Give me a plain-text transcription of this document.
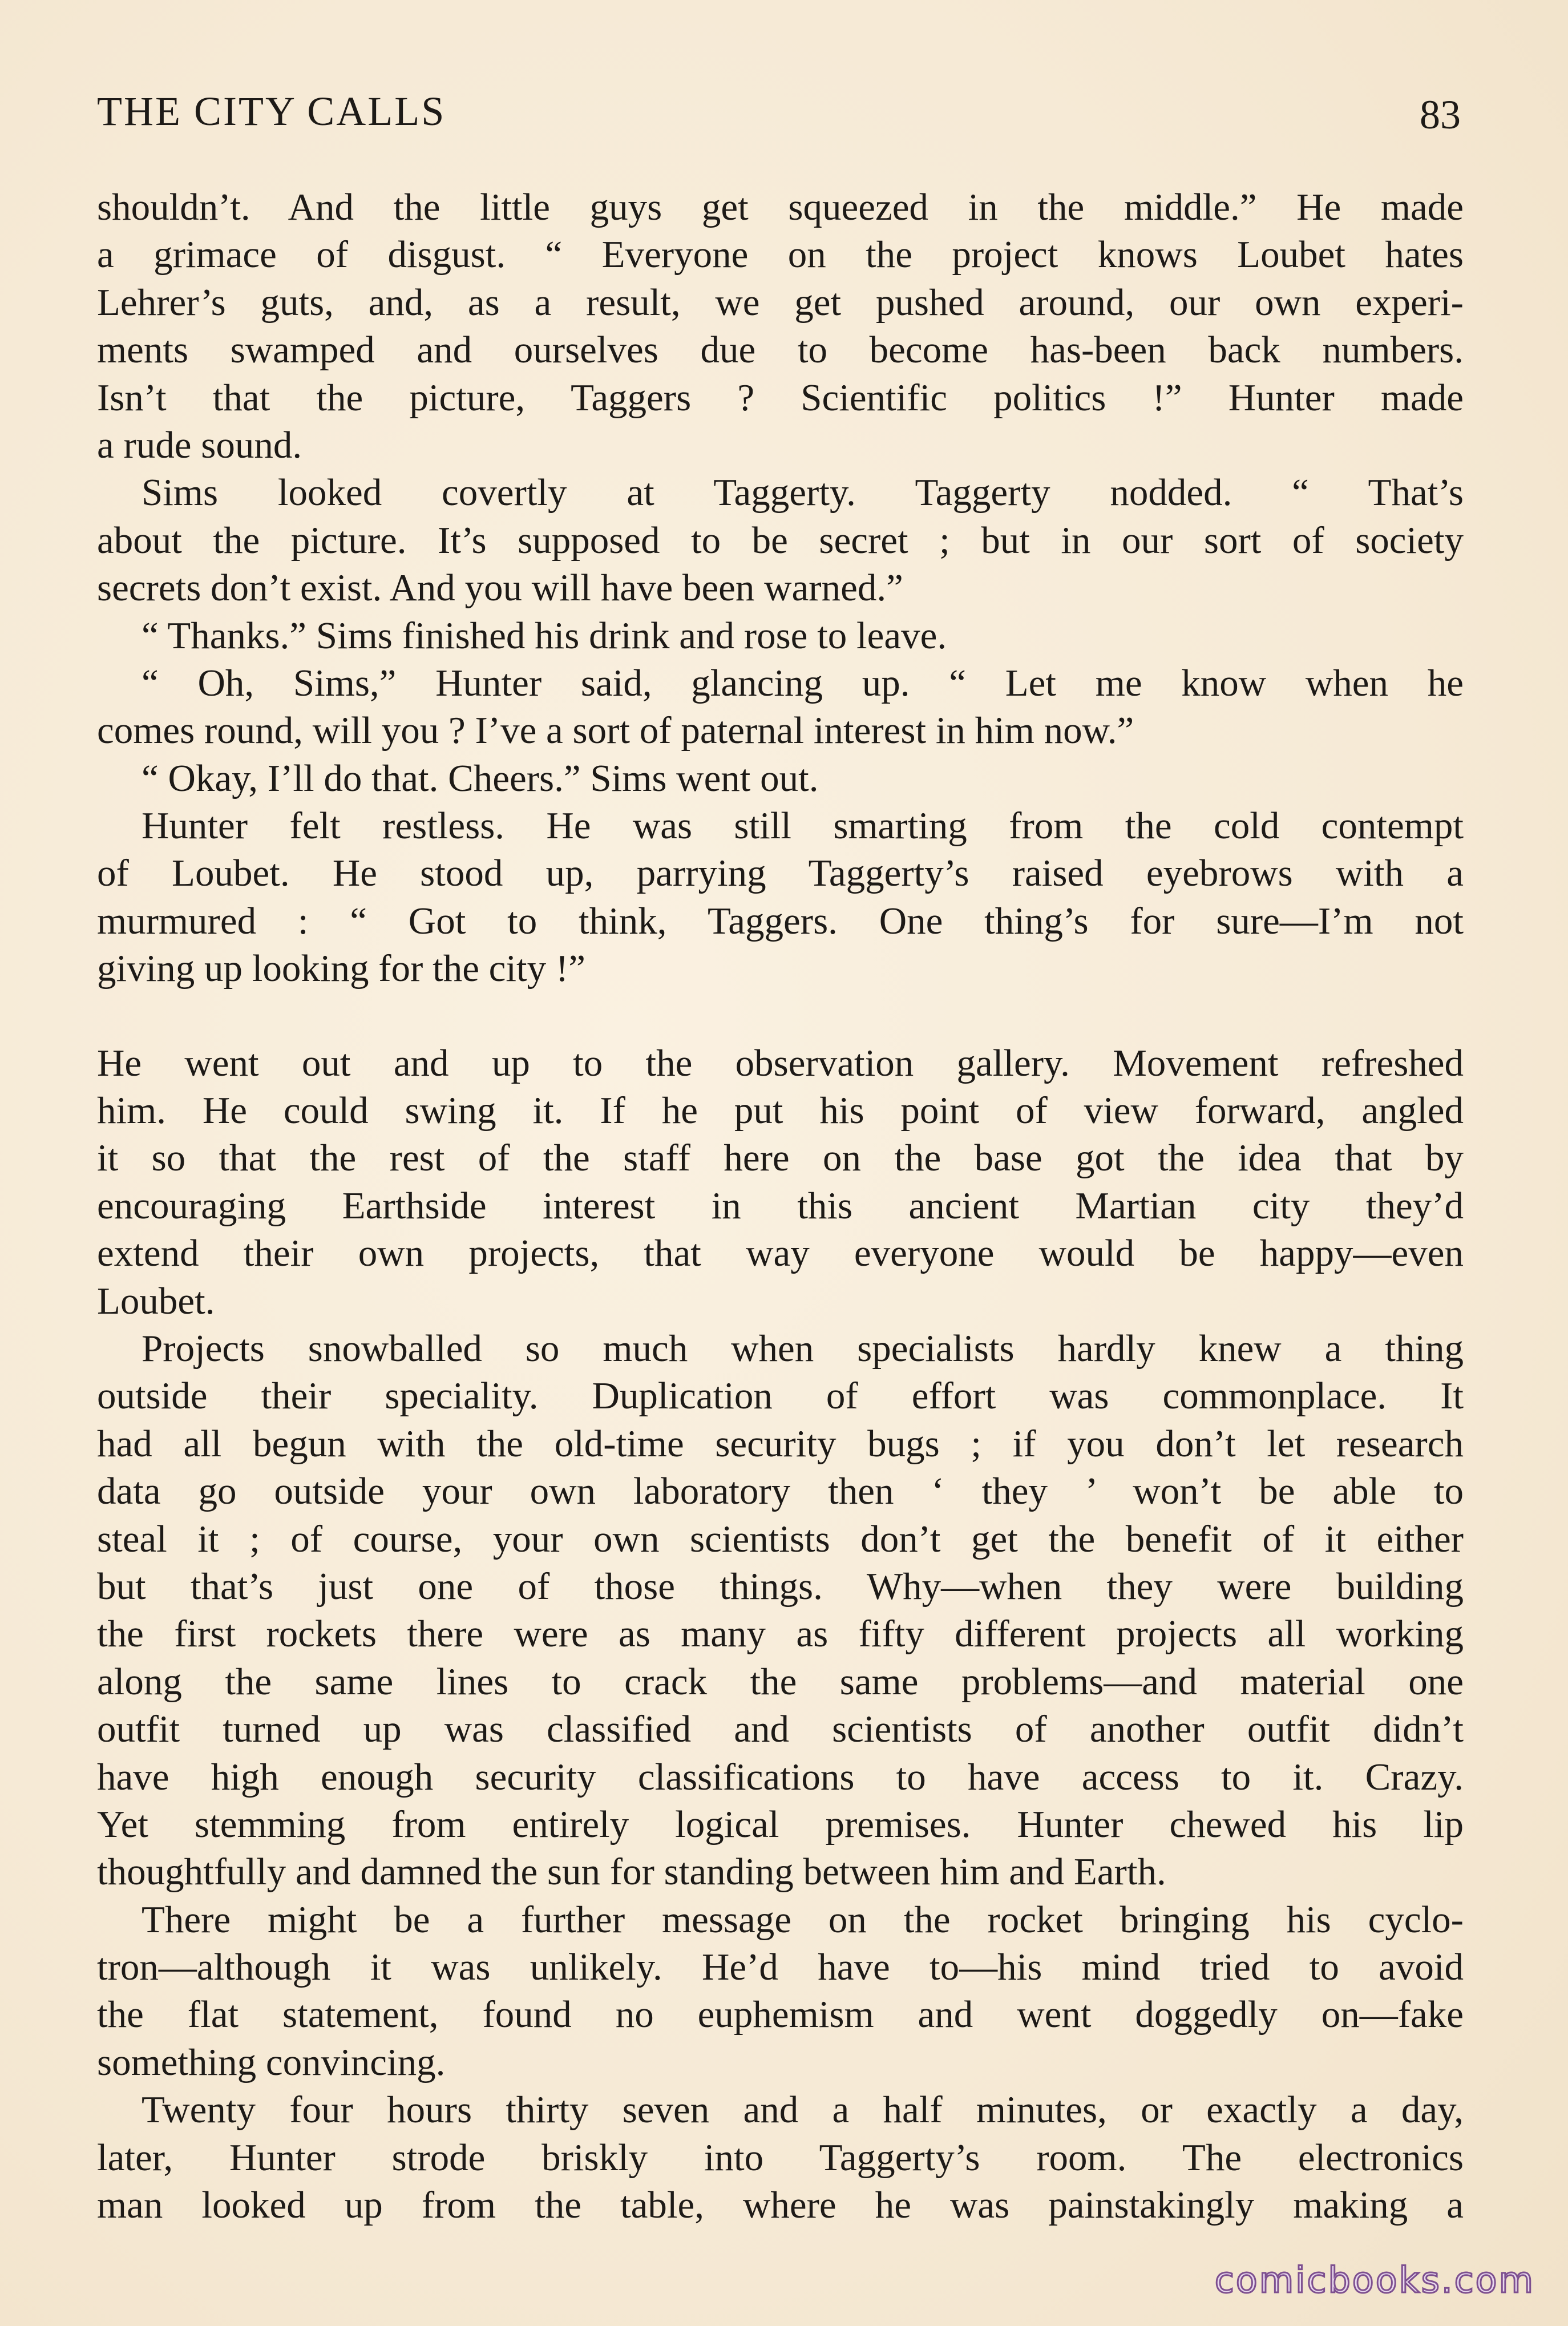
THE CITY CALLS	83
shouldn’t. And the little guys get squeezed in the middle.” He made
a grimace of disgust. “ Everyone on the project knows Loubet hates
Lehrer’s guts, and, as a result, we get pushed around, our own experi-
ments swamped and ourselves due to become has-been back numbers.
Isn’t that the picture, Taggers ? Scientific politics !” Hunter made
a rude sound.
Sims looked covertly at Taggerty. Taggerty nodded. “ That’s
about the picture. It’s supposed to be secret ; but in our sort of society
secrets don’t exist. And you will have been warned.”
“ Thanks.” Sims finished his drink and rose to leave.
“ Oh, Sims,” Hunter said, glancing up. “ Let me know when he
comes round, will you ? I’ve a sort of paternal interest in him now.”
“ Okay, I’ll do that. Cheers.” Sims went out.
Hunter felt restless. He was still smarting from the cold contempt
of Loubet. He stood up, parrying Taggerty’s raised eyebrows with a
murmured : “ Got to think, Taggers. One thing’s for sure—I’m not
giving up looking for the city !”
He went out and up to the observation gallery. Movement refreshed
him. He could swing it. If he put his point of view forward, angled
it so that the rest of the staff here on the base got the idea that by
encouraging Earthside interest in this ancient Martian city they’d
extend their own projects, that way everyone would be happy—even
Loubet.
Projects snowballed so much when specialists hardly knew a thing
outside their speciality. Duplication of effort was commonplace. It
had all begun with the old-time security bugs ; if you don’t let research
data go outside your own laboratory then ‘ they ’ won’t be able to
steal it ; of course, your own scientists don’t get the benefit of it either
but that’s just one of those things. Why—when they were building
the first rockets there were as many as fifty different projects all working
along the same lines to crack the same problems—and material one
outfit turned up was classified and scientists of another outfit didn’t
have high enough security classifications to have access to it. Crazy.
Yet stemming from entirely logical premises. Hunter chewed his lip
thoughtfully and damned the sun for standing between him and Earth.
There might be a further message on the rocket bringing his cyclo-
tron—although it was unlikely. He’d have to—his mind tried to avoid
the flat statement, found no euphemism and went doggedly on—fake
something convincing.
Twenty four hours thirty seven and a half minutes, or exactly a day,
later, Hunter strode briskly into Taggerty’s room. The electronics
man looked up from the table, where he was painstakingly making a
comicbooks.com
